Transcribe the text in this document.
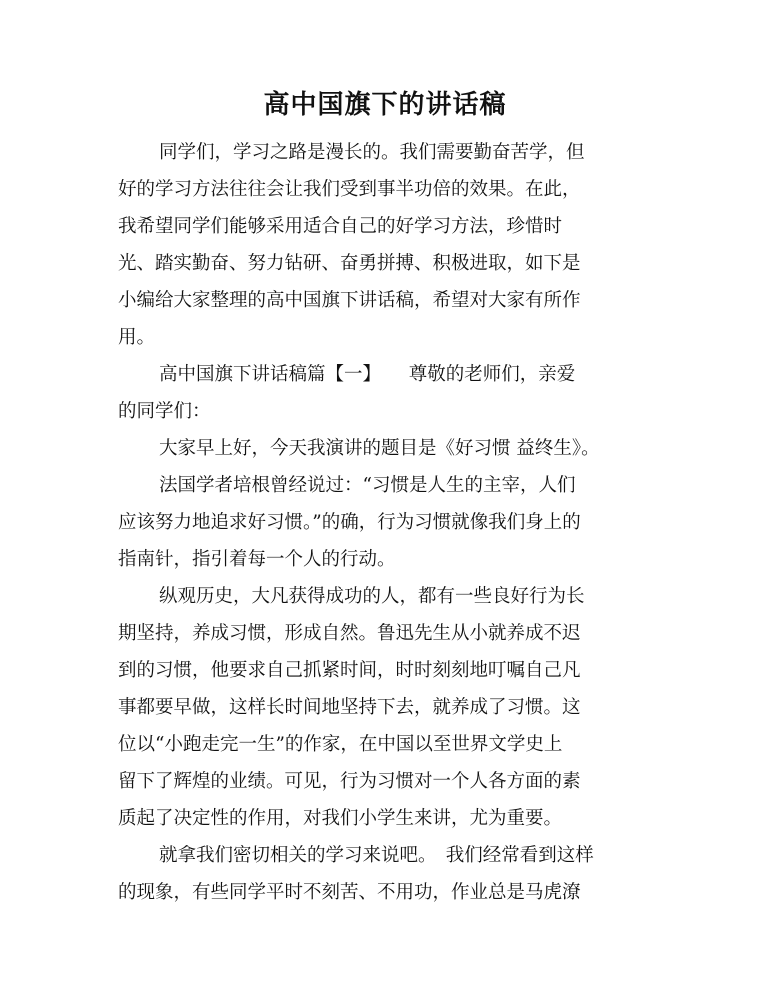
高中国旗下的讲话稿
同学们，学习之路是漫长的。我们需要勤奋苦学，但
好的学习方法往往会让我们受到事半功倍的效果。在此，
我希望同学们能够采用适合自己的好学习方法，珍惜时
光、踏实勤奋、努力钻研、奋勇拼搏、积极进取，如下是
小编给大家整理的高中国旗下讲话稿，希望对大家有所作
用。
高中国旗下讲话稿篇【一】　　尊敬的老师们，亲爱
的同学们：
大家早上好，今天我演讲的题目是《好习惯 益终生》。
法国学者培根曾经说过：“习惯是人生的主宰，人们
应该努力地追求好习惯。”的确，行为习惯就像我们身上的
指南针，指引着每一个人的行动。
纵观历史，大凡获得成功的人，都有一些良好行为长
期坚持，养成习惯，形成自然。鲁迅先生从小就养成不迟
到的习惯，他要求自己抓紧时间，时时刻刻地叮嘱自己凡
事都要早做，这样长时间地坚持下去，就养成了习惯。这
位以“小跑走完一生”的作家，在中国以至世界文学史上
留下了辉煌的业绩。可见，行为习惯对一个人各方面的素
质起了决定性的作用，对我们小学生来讲，尤为重要。
就拿我们密切相关的学习来说吧。　我们经常看到这样
的现象，有些同学平时不刻苦、不用功，作业总是马虎潦
